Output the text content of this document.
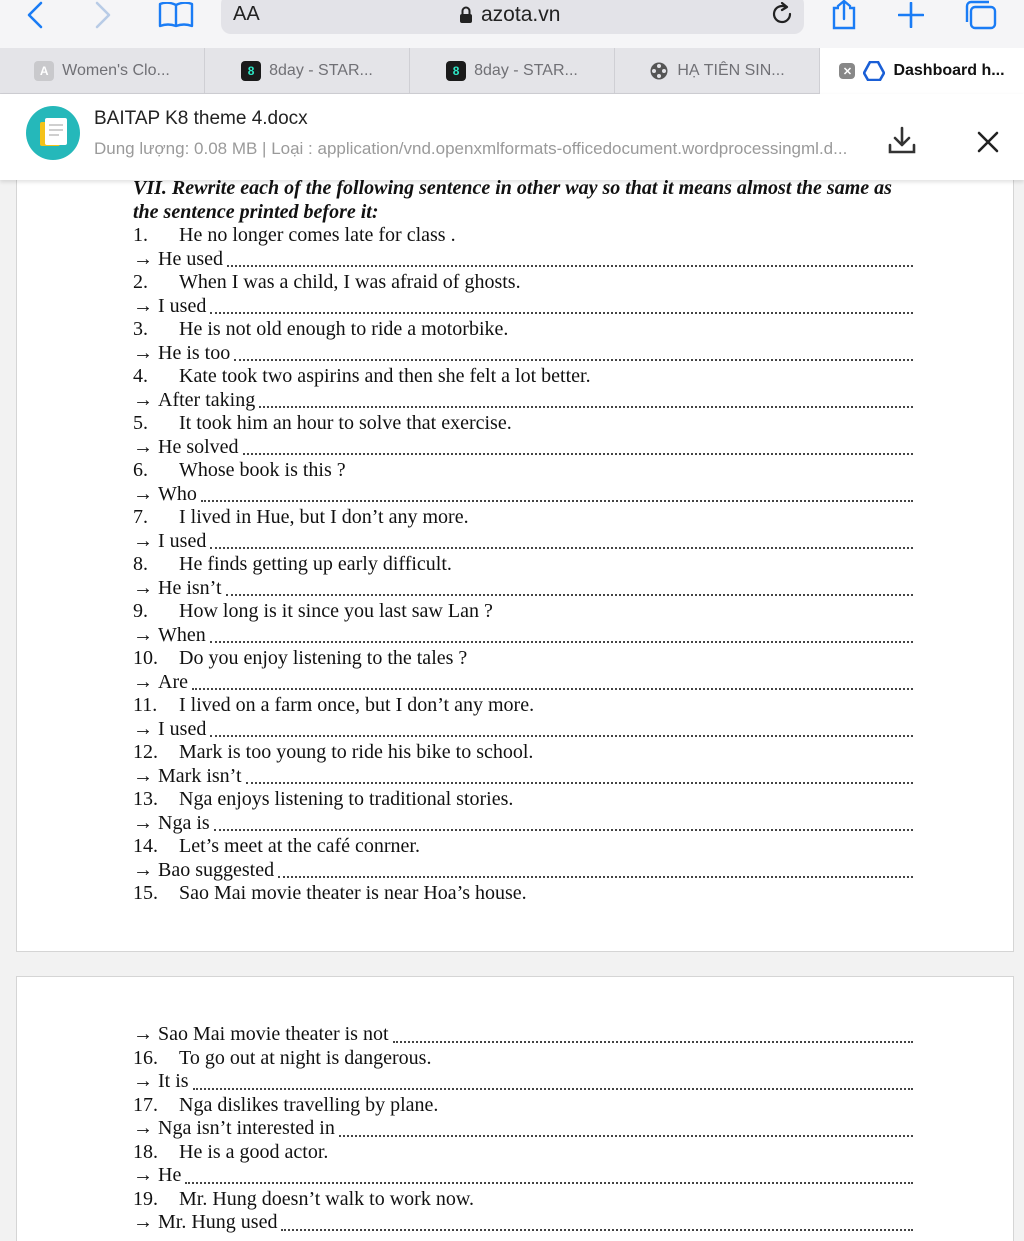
AA	azota.vn
A Women's Clo...	8 8day - STAR...	8 8day - STAR...	HẠ TIÊN SIN...	✕	Dashboard h...
BAITAP K8 theme 4.docx
Dung lượng: 0.08 MB | Loại : application/vnd.openxmlformats-officedocument.wordprocessingml.d...
VII. Rewrite each of the following sentence in other way so that it means almost the same as the sentence printed before it:
1.	He no longer comes late for class .
→ He used
2.	When I was a child, I was afraid of ghosts.
→ I used
3.	He is not old enough to ride a motorbike.
→ He is too
4.	Kate took two aspirins and then she felt a lot better.
→ After taking
5.	It took him an hour to solve that exercise.
→ He solved
6.	Whose book is this ?
→ Who
7.	I lived in Hue, but I don’t any more.
→ I used
8.	He finds getting up early difficult.
→ He isn’t
9.	How long is it since you last saw Lan ?
→ When
10.	Do you enjoy listening to the tales ?
→ Are
11.	I lived on a farm once, but I don’t any more.
→ I used
12.	Mark is too young to ride his bike to school.
→ Mark isn’t
13.	Nga enjoys listening to traditional stories.
→ Nga is
14.	Let’s meet at the café conrner.
→ Bao suggested
15.	Sao Mai movie theater is near Hoa’s house.
→ Sao Mai movie theater is not
16.	To go out at night is dangerous.
→ It is
17.	Nga dislikes travelling by plane.
→ Nga isn’t interested in
18.	He is a good actor.
→ He
19.	Mr. Hung doesn’t walk to work now.
→ Mr. Hung used
